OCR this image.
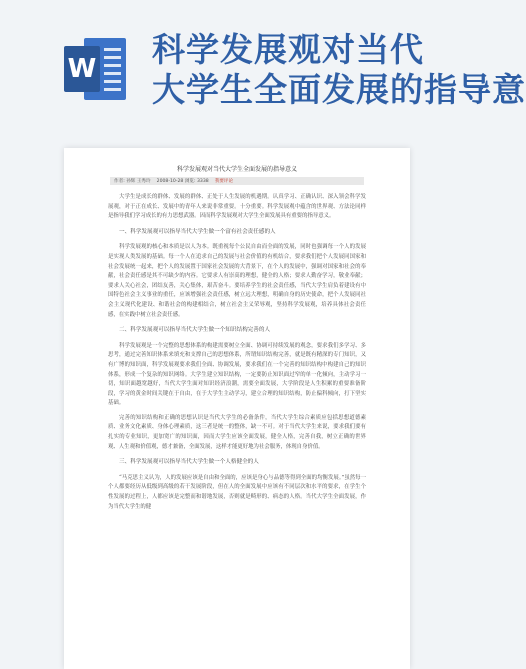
W 科学发展观对当代
大学生全面发展的指导意
科学发展观对当代大学生全面发展的指导意义
作者: 孙辉 王秀玲 2008-10-28 浏览: 3338 我要评论

大学生是成长的群体、发展的群体、正处于人生发展的机遇期。认真学习、正确认识、深入领会科学发展观，对于正在成长、发展中的青年人来说非常重要。十分重要。科学发展观中蕴含的世界观、方法论同样是指导我们学习成长的有力思想武器。因而科学发展观对大学生全面发展具有重要的指导意义。

一、科学发展观可以指导当代大学生做一个富有社会责任感的人

科学发展观的核心和本质是以人为本。既重视每个公民自由而全面的发展，同时也强调每一个人的发展是实现人类发展的基础。每一个人在追求自己的发展与社会价值的有机结合，要求我们把个人发展同国家和社会发展统一起来，把个人的发展置于国家社会发展的大背景下，在个人的发展中，强调对国家和社会的奉献，社会责任感是其不可缺少的内容。它要求人有崇高的理想，健全的人格；要求人勤奋学习，敬业奉献；要求人关心社会，团结友善，关心集体，艰苦奋斗。要培养学生的社会责任感，当代大学生肩负着建设有中国特色社会主义事业的重任，应该增强社会责任感，树立远大理想，明确自身的历史使命，把个人发展同社会主义现代化建设、和谐社会的构建相结合，树立社会主义荣辱观，坚持科学发展观，培养具体社会责任感，在实践中树立社会责任感。

二、科学发展观可以指导当代大学生做一个知识结构完善的人

科学发展观是一个完整的思想体系的构建需要树立全面、协调可持续发展的观念，要求我们多学习、多思考，通过完善知识体系来填充和支撑自己的思想体系，所谓知识结构完善，就是既有精深的专门知识，又有广博的知识面，科学发展观要求我们全面、协调发展，要求我们在一个完善的知识结构中构建自己的知识体系，形成一个复杂的知识网络。大学生建立知识结构，一定要防止知识面过窄的单一化倾向，主动学习一切，知识面越宽越好，当代大学生面对知识经济浪潮，需要全面发展，大学阶段是人生积累的重要准备阶段，学习的黄金时间关键在于自由，在于大学生主动学习，建立合理的知识结构，防止偏科倾向，打下坚实基础。

完善的知识结构和正确的思想认识是当代大学生的必备条件，当代大学生综合素质应包括思想道德素质、业务文化素质、身体心理素质，这三者是统一的整体，缺一不可。对于当代大学生来说，要求我们要有扎实的专业知识，更加宽广的知识面，因而大学生应该全面发展，健全人格，完善自我，树立正确的世界观、人生观和价值观，德才兼备，全面发展，这样才能更好地为社会服务，体现自身价值。

三、科学发展观可以指导当代大学生做一个人格健全的人

“马克思主义认为，人的发展应该是自由和全面的，应该是身心与品德等得到全面的均衡发展。”虽然每一个人都要经历从低级到高级的若干发展阶段，但在人的全面发展中应该有不同层次和水平的要求，在学生个性发展的过程上，人都应该是完整而和谐地发展，否则就是畸形的、病态的人格。当代大学生全面发展，作为当代大学生的健
